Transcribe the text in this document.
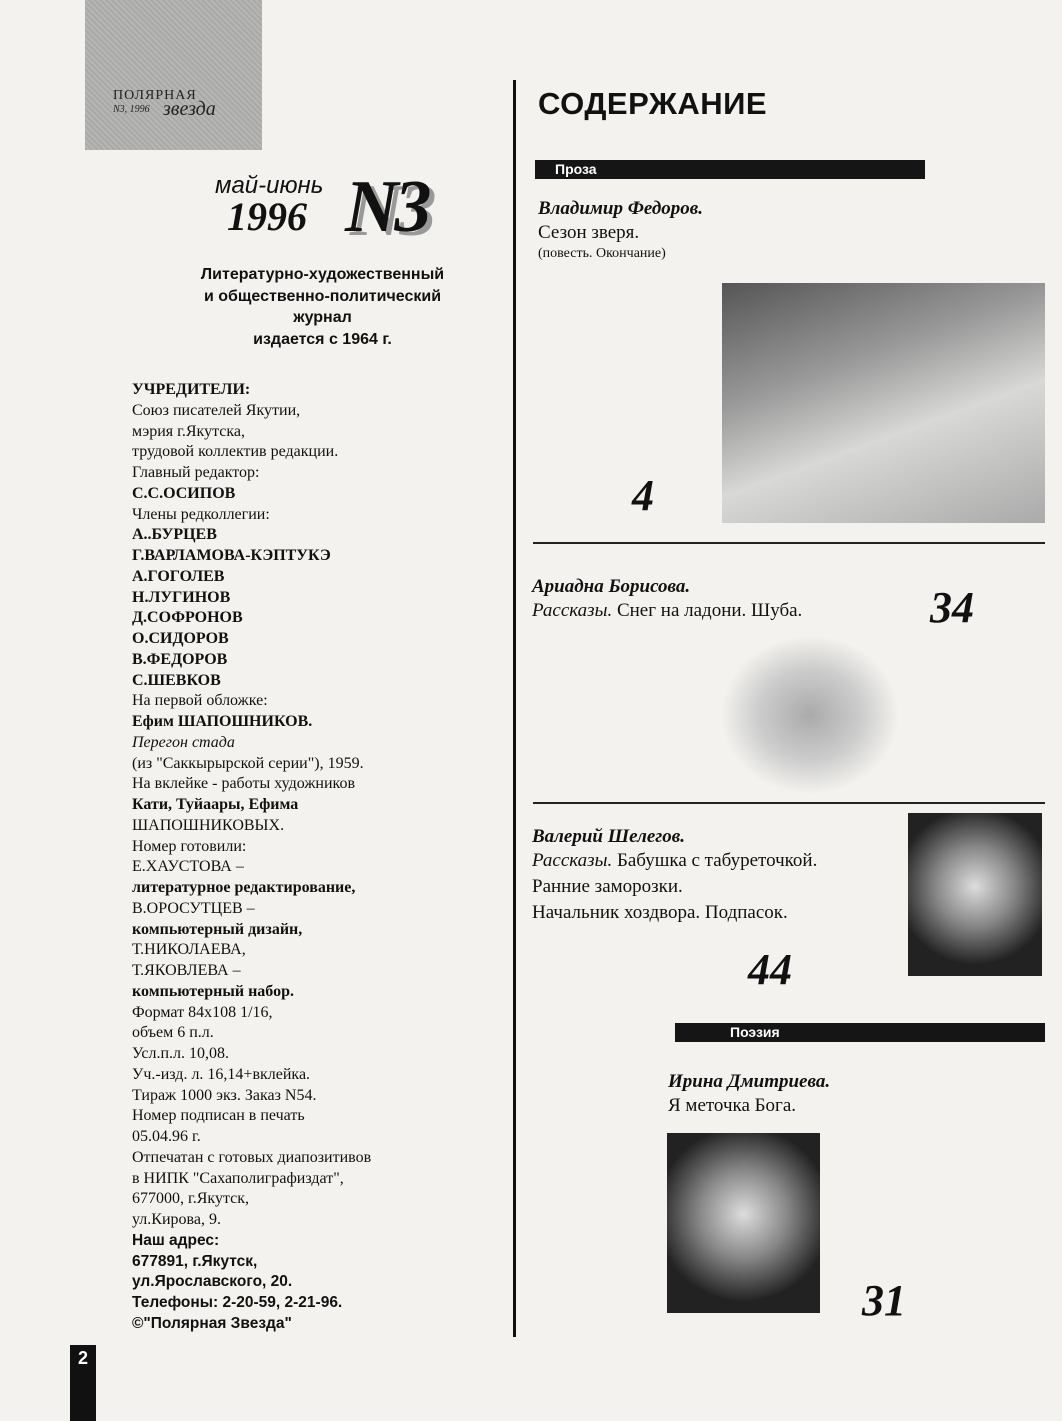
ПОЛЯРНАЯ
N3, 1996 звезда
май-июнь
1996 N3
Литературно-художественный
и общественно-политический
журнал
издается с 1964 г.
УЧРЕДИТЕЛИ:
Союз писателей Якутии,
мэрия г.Якутска,
трудовой коллектив редакции.
Главный редактор:
С.С.ОСИПОВ
Члены редколлегии:
А..БУРЦЕВ
Г.ВАРЛАМОВА-КЭПТУКЭ
А.ГОГОЛЕВ
Н.ЛУГИНОВ
Д.СОФРОНОВ
О.СИДОРОВ
В.ФЕДОРОВ
С.ШЕВКОВ
На первой обложке:
Ефим ШАПОШНИКОВ.
Перегон стада
(из "Саккырырской серии"), 1959.
На вклейке - работы художников
Кати, Туйаары, Ефима
ШАПОШНИКОВЫХ.
Номер готовили:
Е.ХАУСТОВА –
литературное редактирование,
В.ОРОСУТЦЕВ –
компьютерный дизайн,
Т.НИКОЛАЕВА,
Т.ЯКОВЛЕВА –
компьютерный набор.
Формат 84x108 1/16,
объем 6 п.л.
Усл.п.л. 10,08.
Уч.-изд. л. 16,14+вклейка.
Тираж 1000 экз. Заказ N54.
Номер подписан в печать
05.04.96 г.
Отпечатан с готовых диапозитивов
в НИПК "Сахаполиграфиздат",
677000, г.Якутск,
ул.Кирова, 9.
Наш адрес:
677891, г.Якутск,
ул.Ярославского, 20.
Телефоны: 2-20-59, 2-21-96.
©"Полярная Звезда"
2
СОДЕРЖАНИЕ
Проза
Владимир Федоров.
Сезон зверя.
(повесть. Окончание)
4
Ариадна Борисова.
Рассказы. Снег на ладони. Шуба.	34
Валерий Шелегов.
Рассказы. Бабушка с табуреточкой.
Ранние заморозки.
Начальник хоздвора. Подпасок.
44
Поэзия
Ирина Дмитриева.
Я меточка Бога.
31
